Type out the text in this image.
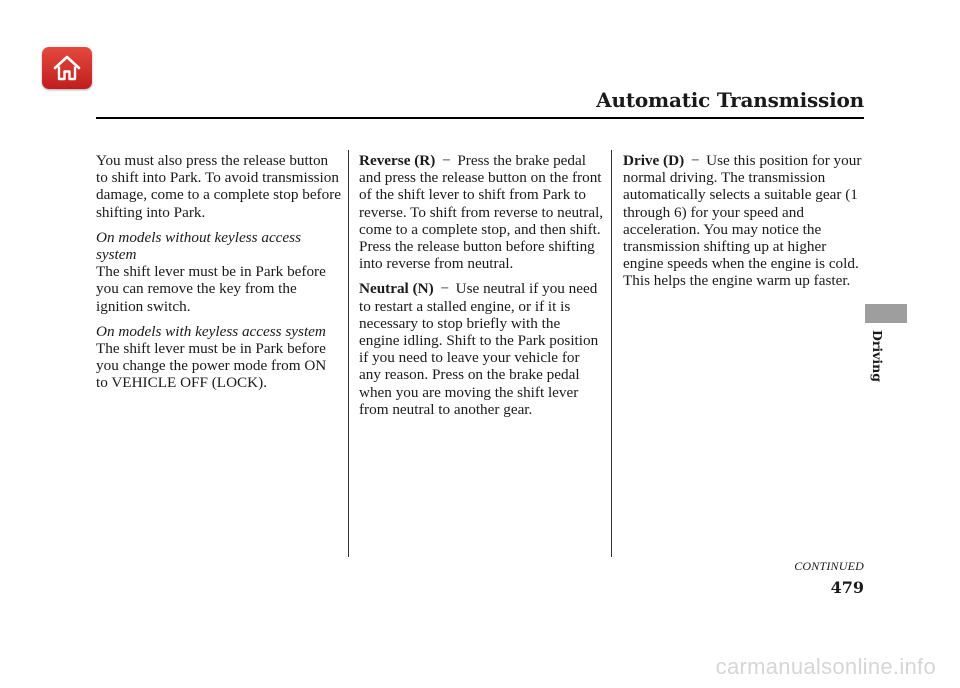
Automatic Transmission

You must also press the release button to shift into Park. To avoid transmission damage, come to a complete stop before shifting into Park.

On models without keyless access system
The shift lever must be in Park before you can remove the key from the ignition switch.

On models with keyless access system
The shift lever must be in Park before you change the power mode from ON to VEHICLE OFF (LOCK).

Reverse (R) − Press the brake pedal and press the release button on the front of the shift lever to shift from Park to reverse. To shift from reverse to neutral, come to a complete stop, and then shift. Press the release button before shifting into reverse from neutral.

Neutral (N) − Use neutral if you need to restart a stalled engine, or if it is necessary to stop briefly with the engine idling. Shift to the Park position if you need to leave your vehicle for any reason. Press on the brake pedal when you are moving the shift lever from neutral to another gear.

Drive (D) − Use this position for your normal driving. The transmission automatically selects a suitable gear (1 through 6) for your speed and acceleration. You may notice the transmission shifting up at higher engine speeds when the engine is cold. This helps the engine warm up faster.

Driving
CONTINUED
479
carmanualsonline.info
